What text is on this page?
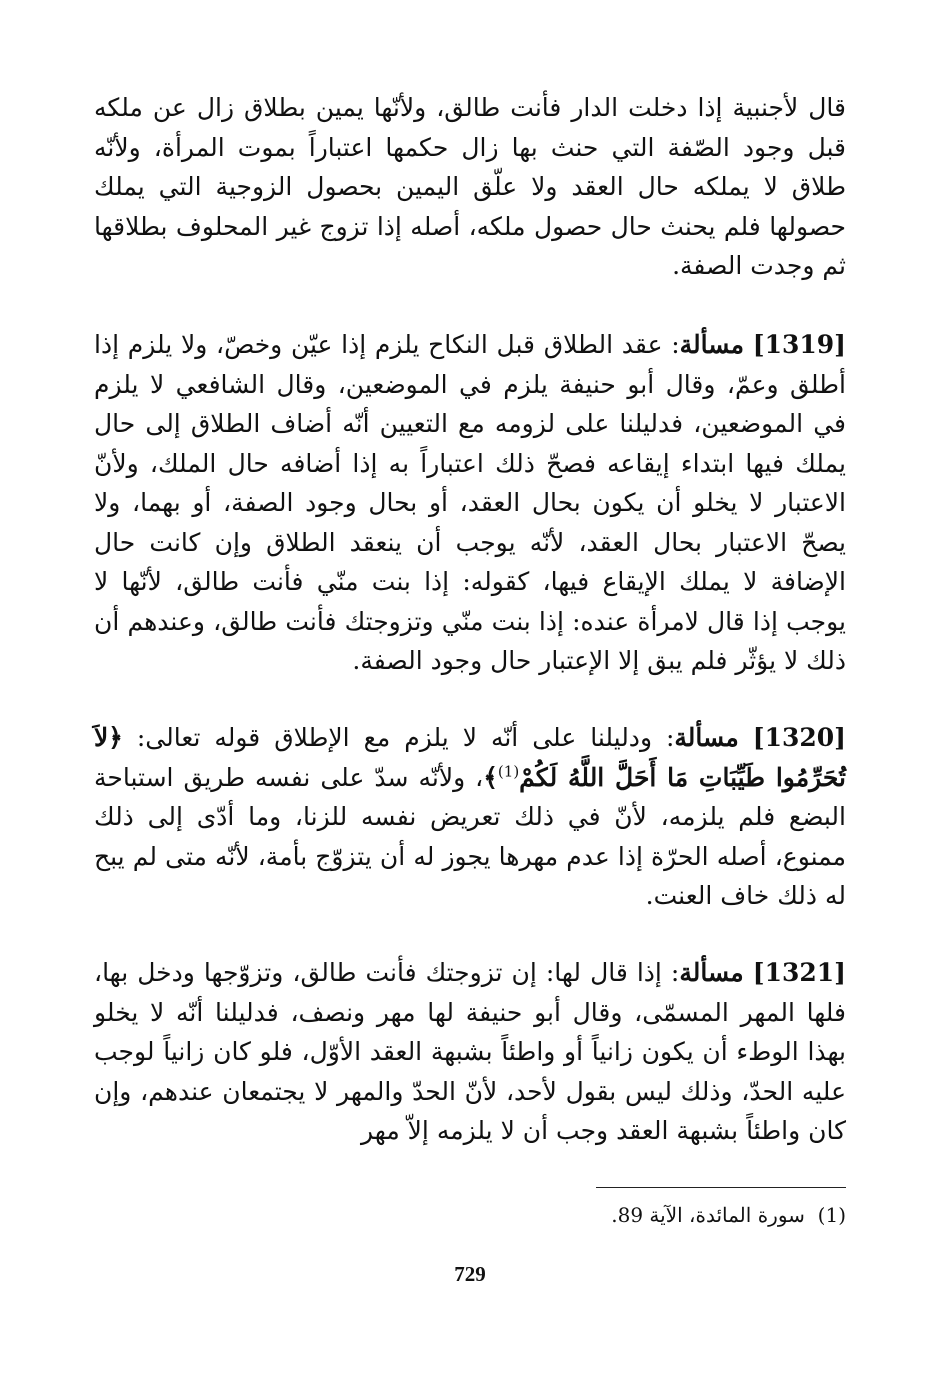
قال لأجنبية إذا دخلت الدار فأنت طالق، ولأنّها يمين بطلاق زال عن ملكه قبل وجود الصّفة التي حنث بها زال حكمها اعتباراً بموت المرأة، ولأنّه طلاق لا يملكه حال العقد ولا علّق اليمين بحصول الزوجية التي يملك حصولها فلم يحنث حال حصول ملكه، أصله إذا تزوج غير المحلوف بطلاقها ثم وجدت الصفة.

[1319] مسألة: عقد الطلاق قبل النكاح يلزم إذا عيّن وخصّ، ولا يلزم إذا أطلق وعمّ، وقال أبو حنيفة يلزم في الموضعين، وقال الشافعي لا يلزم في الموضعين، فدليلنا على لزومه مع التعيين أنّه أضاف الطلاق إلى حال يملك فيها ابتداء إيقاعه فصحّ ذلك اعتباراً به إذا أضافه حال الملك، ولأنّ الاعتبار لا يخلو أن يكون بحال العقد، أو بحال وجود الصفة، أو بهما، ولا يصحّ الاعتبار بحال العقد، لأنّه يوجب أن ينعقد الطلاق وإن كانت حال الإضافة لا يملك الإيقاع فيها، كقوله: إذا بنت منّي فأنت طالق، لأنّها لا يوجب إذا قال لامرأة عنده: إذا بنت منّي وتزوجتك فأنت طالق، وعندهم أن ذلك لا يؤثّر فلم يبق إلا الإعتبار حال وجود الصفة.

[1320] مسألة: ودليلنا على أنّه لا يلزم مع الإطلاق قوله تعالى: ﴿لاَ تُحَرِّمُوا طَيِّبَاتِ مَا أَحَلَّ اللَّهُ لَكُمْ$^{(1)}$﴾، ولأنّه سدّ على نفسه طريق استباحة البضع فلم يلزمه، لأنّ في ذلك تعريض نفسه للزنا، وما أدّى إلى ذلك ممنوع، أصله الحرّة إذا عدم مهرها يجوز له أن يتزوّج بأمة، لأنّه متى لم يبح له ذلك خاف العنت.

[1321] مسألة: إذا قال لها: إن تزوجتك فأنت طالق، وتزوّجها ودخل بها، فلها المهر المسمّى، وقال أبو حنيفة لها مهر ونصف، فدليلنا أنّه لا يخلو بهذا الوطء أن يكون زانياً أو واطئاً بشبهة العقد الأوّل، فلو كان زانياً لوجب عليه الحدّ، وذلك ليس بقول لأحد، لأنّ الحدّ والمهر لا يجتمعان عندهم، وإن كان واطئاً بشبهة العقد وجب أن لا يلزمه إلاّ مهر

(1)  سورة المائدة، الآية 89.

729
